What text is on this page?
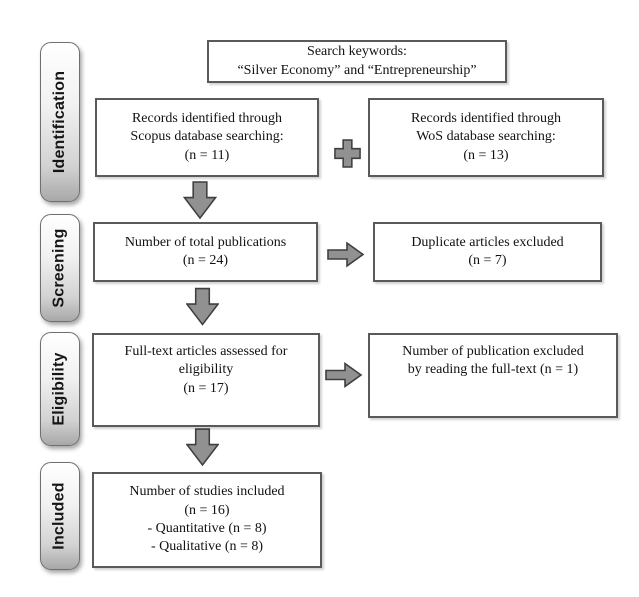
Identification
Screening
Eligibility
Included
Search keywords:
“Silver Economy” and “Entrepreneurship”
Records identified through
Scopus database searching:
(n = 11)
Records identified through
WoS database searching:
(n = 13)
Number of total publications
(n = 24)
Duplicate articles excluded
(n = 7)
Full-text articles assessed for
eligibility
(n = 17)
Number of publication excluded
by reading the full-text (n = 1)
Number of studies included
(n = 16)
- Quantitative (n = 8)
- Qualitative (n = 8)
